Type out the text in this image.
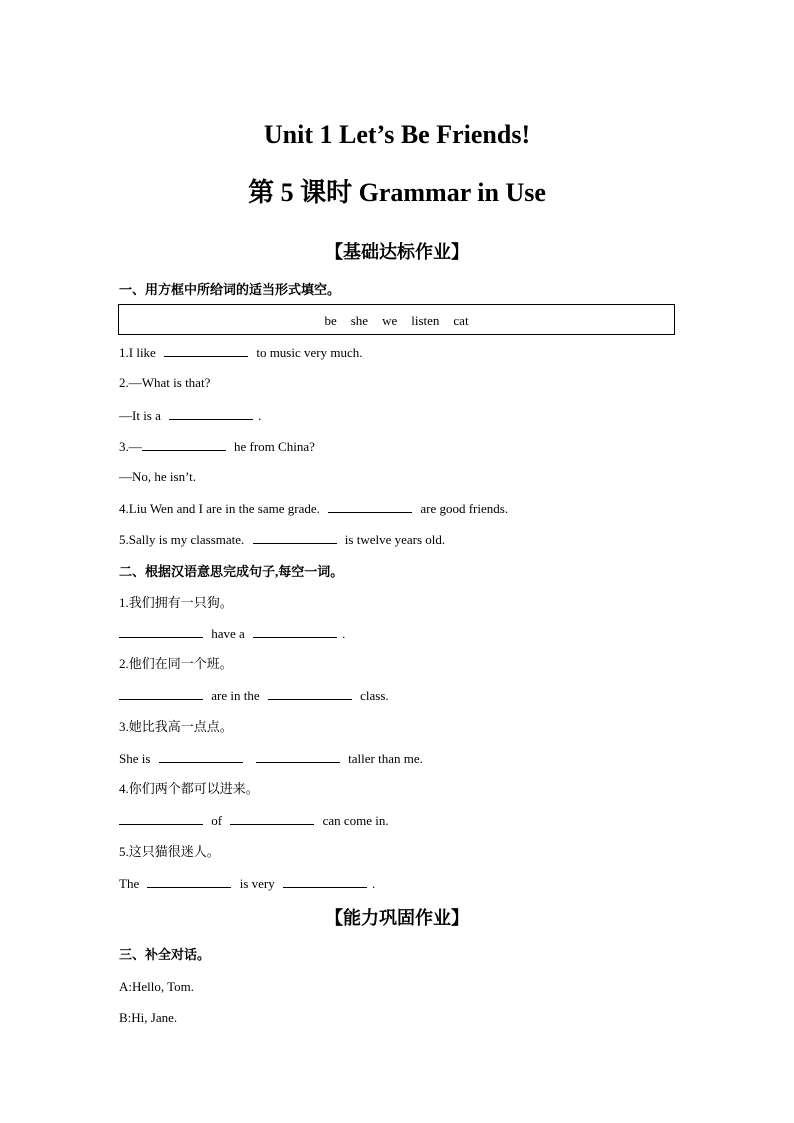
Unit 1 Let’s Be Friends!
第 5 课时 Grammar in Use
【基础达标作业】
一、用方框中所给词的适当形式填空。
be she we listen cat
1.I like	to music very much.
2.—What is that?
—It is a	.
3.—	he from China?
—No, he isn’t.
4.Liu Wen and I are in the same grade.	are good friends.
5.Sally is my classmate.	is twelve years old.
二、根据汉语意思完成句子,每空一词。
1.我们拥有一只狗。
have a	.
2.他们在同一个班。
are in the	class.
3.她比我高一点点。
She is	taller than me.
4.你们两个都可以进来。
of	can come in.
5.这只猫很迷人。
The	is very	.
【能力巩固作业】
三、补全对话。
A:Hello, Tom.
B:Hi, Jane.
